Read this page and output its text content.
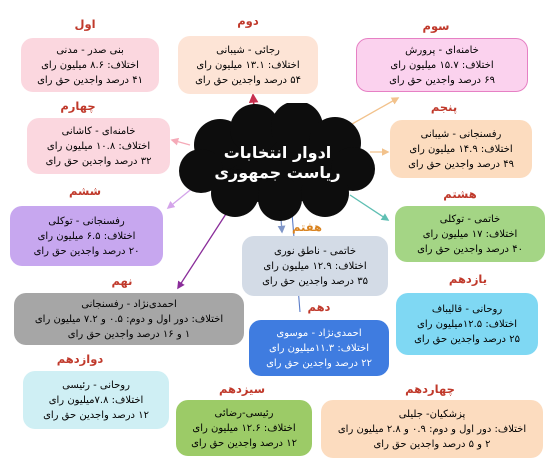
ادوار انتخابات ریاست جمهوری
اول
بنی صدر - مدنی
اختلاف: ۸.۶ میلیون رای
۴۱ درصد واجدین حق رای
دوم
رجائی - شیبانی
اختلاف: ۱۳.۱ میلیون رای
۵۴ درصد واجدین حق رای
سوم
خامنه‌ای - پرورش
اختلاف: ۱۵.۷ میلیون رای
۶۹ درصد واجدین حق رای
چهارم
خامنه‌ای - کاشانی
اختلاف: ۱۰.۸ میلیون رای
۳۲ درصد واجدین حق رای
پنجم
رفسنجانی - شیبانی
اختلاف: ۱۴.۹ میلیون رای
۴۹ درصد واجدین حق رای
ششم
رفسنجانی - توکلی
اختلاف: ۶.۵ میلیون رای
۲۰ درصد واجدین حق رای
هشتم
خاتمی - توکلی
اختلاف: ۱۷ میلیون رای
۴۰ درصد واجدین حق رای
هفتم
خاتمی - ناطق نوری
اختلاف: ۱۲.۹ میلیون رای
۳۵ درصد واجدین حق رای
نهم
احمدی‌نژاد - رفسنجانی
اختلاف: دور اول و دوم: ۰.۵ و ۷.۲ میلیون رای
۱ و ۱۶ درصد واجدین حق رای
یازدهم
روحانی - قالیباف
اختلاف: ۱۲.۵میلیون رای
۲۵ درصد واجدین حق رای
دهم
احمدی‌نژاد - موسوی
اختلاف: ۱۱.۳میلیون رای
۲۲ درصد واجدین حق رای
دوازدهم
روحانی - رئیسی
اختلاف: ۷.۸میلیون رای
۱۲ درصد واجدین حق رای
سیزدهم
رئیسی-رضائی
اختلاف: ۱۲.۶ میلیون رای
۱۲ درصد واجدین حق رای
چهاردهم
پزشکیان- جلیلی
اختلاف: دور اول و دوم: ۰.۹ و ۲.۸ میلیون رای
۲ و ۵ درصد واجدین حق رای
